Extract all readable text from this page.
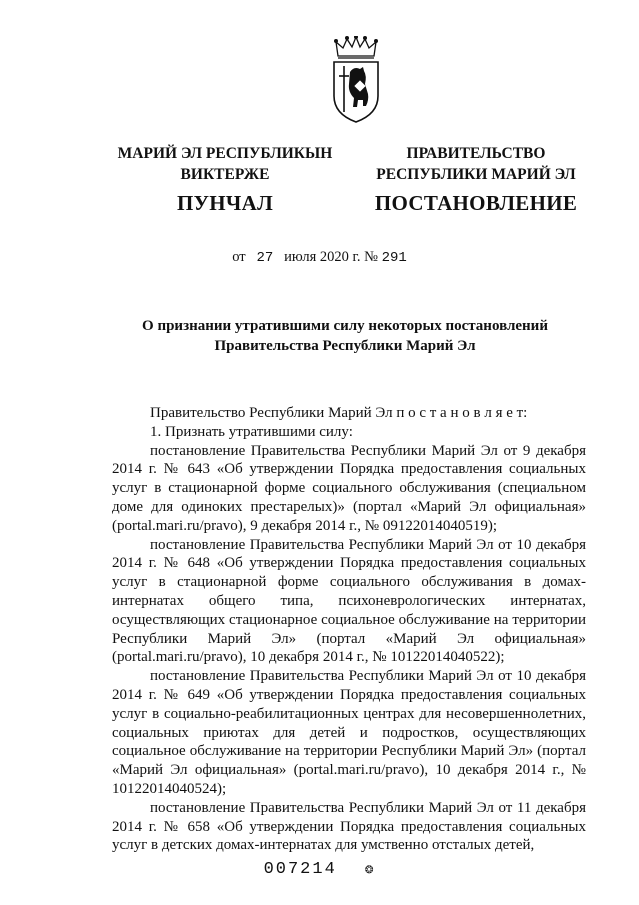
МАРИЙ ЭЛ РЕСПУБЛИКЫН
ВИКТЕРЖЕ
ПУНЧАЛ
ПРАВИТЕЛЬСТВО
РЕСПУБЛИКИ МАРИЙ ЭЛ
ПОСТАНОВЛЕНИЕ
от 27 июля 2020 г. № 291
О признании утратившими силу некоторых постановлений
Правительства Республики Марий Эл
Правительство Республики Марий Эл п о с т а н о в л я е т:
1. Признать утратившими силу:
постановление Правительства Республики Марий Эл от 9 декабря 2014 г. № 643 «Об утверждении Порядка предоставления социальных услуг в стационарной форме социального обслуживания (специальном доме для одиноких престарелых)» (портал «Марий Эл официальная» (portal.mari.ru/pravo), 9 декабря 2014 г., № 09122014040519);
постановление Правительства Республики Марий Эл от 10 декабря 2014 г. № 648 «Об утверждении Порядка предоставления социальных услуг в стационарной форме социального обслуживания в домах-интернатах общего типа, психоневрологических интернатах, осуществляющих стационарное социальное обслуживание на территории Республики Марий Эл» (портал «Марий Эл официальная» (portal.mari.ru/pravo), 10 декабря 2014 г., № 10122014040522);
постановление Правительства Республики Марий Эл от 10 декабря 2014 г. № 649 «Об утверждении Порядка предоставления социальных услуг в социально-реабилитационных центрах для несовершеннолетних, социальных приютах для детей и подростков, осуществляющих социальное обслуживание на территории Республики Марий Эл» (портал «Марий Эл официальная» (portal.mari.ru/pravo), 10 декабря 2014 г., № 10122014040524);
постановление Правительства Республики Марий Эл от 11 декабря 2014 г. № 658 «Об утверждении Порядка предоставления социальных услуг в детских домах-интернатах для умственно отсталых детей,
007214 ❂
